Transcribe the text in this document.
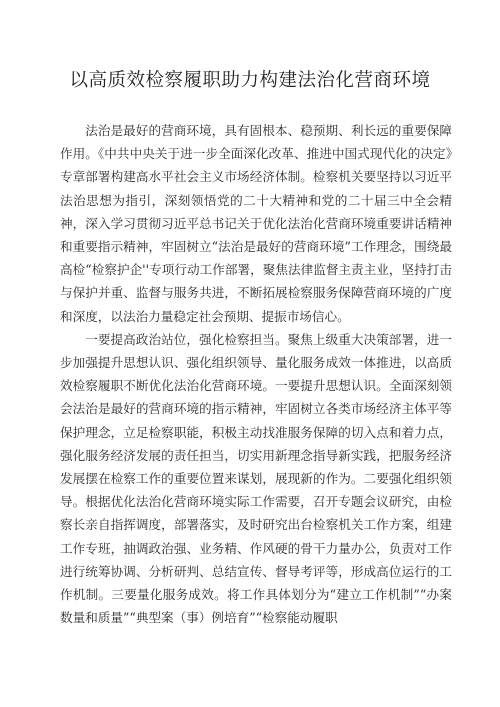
以高质效检察履职助力构建法治化营商环境

法治是最好的营商环境，具有固根本、稳预期、利长远的重要保障作用。《中共中央关于进一步全面深化改革、推进中国式现代化的决定》专章部署构建高水平社会主义市场经济体制。检察机关要坚持以习近平法治思想为指引，深刻领悟党的二十大精神和党的二十届三中全会精神，深入学习贯彻习近平总书记关于优化法治化营商环境重要讲话精神和重要指示精神，牢固树立“法治是最好的营商环境”工作理念，围绕最高检“检察护企''专项行动工作部署，聚焦法律监督主责主业，坚持打击与保护并重、监督与服务共进，不断拓展检察服务保障营商环境的广度和深度，以法治力量稳定社会预期、提振市场信心。

一要提高政治站位，强化检察担当。聚焦上级重大决策部署，进一步加强提升思想认识、强化组织领导、量化服务成效一体推进，以高质效检察履职不断优化法治化营商环境。一要提升思想认识。全面深刻领会法治是最好的营商环境的指示精神，牢固树立各类市场经济主体平等保护理念，立足检察职能，积极主动找准服务保障的切入点和着力点，强化服务经济发展的责任担当，切实用新理念指导新实践，把服务经济发展摆在检察工作的重要位置来谋划，展现新的作为。二要强化组织领导。根据优化法治化营商环境实际工作需要，召开专题会议研究，由检察长亲自指挥调度，部署落实，及时研究出台检察机关工作方案，组建工作专班，抽调政治强、业务精、作风硬的骨干力量办公，负责对工作进行统筹协调、分析研判、总结宣传、督导考评等，形成高位运行的工作机制。三要量化服务成效。将工作具体划分为“建立工作机制”“办案数量和质量”“典型案（事）例培育”“检察能动履职
